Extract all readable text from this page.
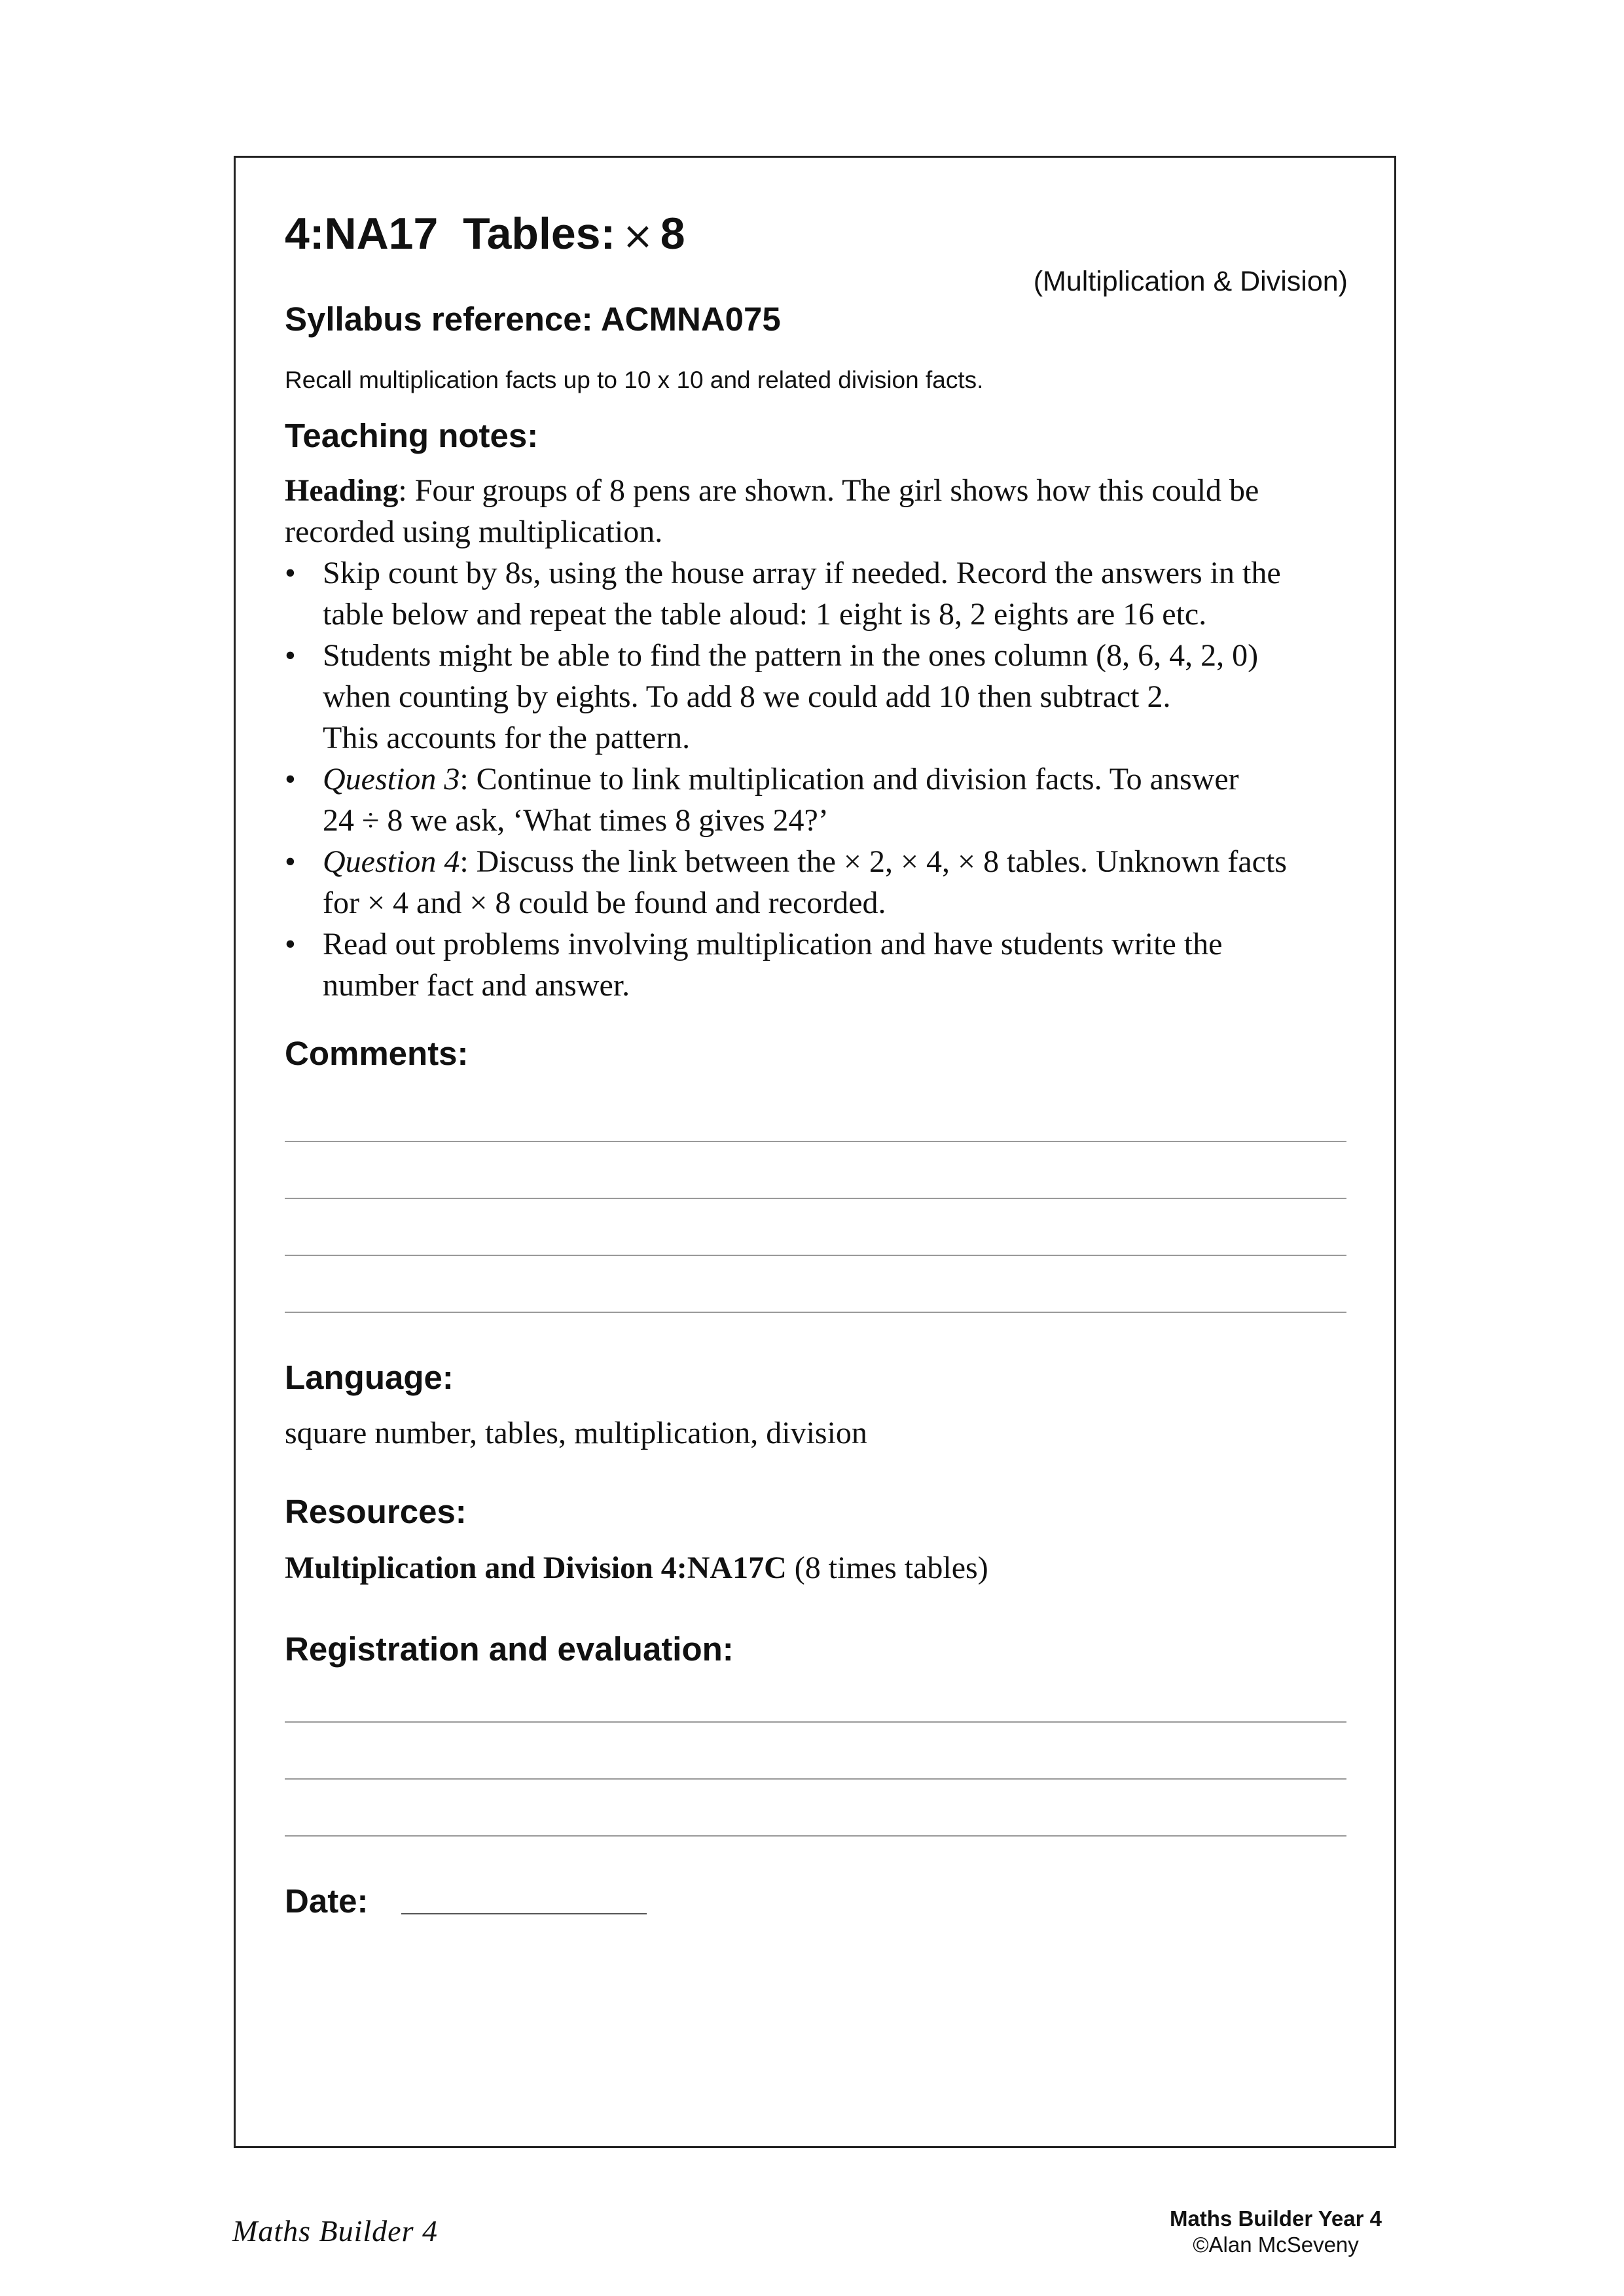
4:NA17 Tables: × 8
(Multiplication & Division)
Syllabus reference: ACMNA075
Recall multiplication facts up to 10 x 10 and related division facts.
Teaching notes:

Heading: Four groups of 8 pens are shown. The girl shows how this could be recorded using multiplication.

• Skip count by 8s, using the house array if needed. Record the answers in the
table below and repeat the table aloud: 1 eight is 8, 2 eights are 16 etc.
• Students might be able to find the pattern in the ones column (8, 6, 4, 2, 0)
when counting by eights. To add 8 we could add 10 then subtract 2.
This accounts for the pattern.
• Question 3: Continue to link multiplication and division facts. To answer
24 ÷ 8 we ask, ‘What times 8 gives 24?’
• Question 4: Discuss the link between the × 2, × 4, × 8 tables. Unknown facts
for × 4 and × 8 could be found and recorded.
• Read out problems involving multiplication and have students write the
number fact and answer.
Comments:
Language:
square number, tables, multiplication, division
Resources:
Multiplication and Division 4:NA17C (8 times tables)
Registration and evaluation:
Date:
Maths Builder 4	Maths Builder Year 4
©Alan McSeveny
